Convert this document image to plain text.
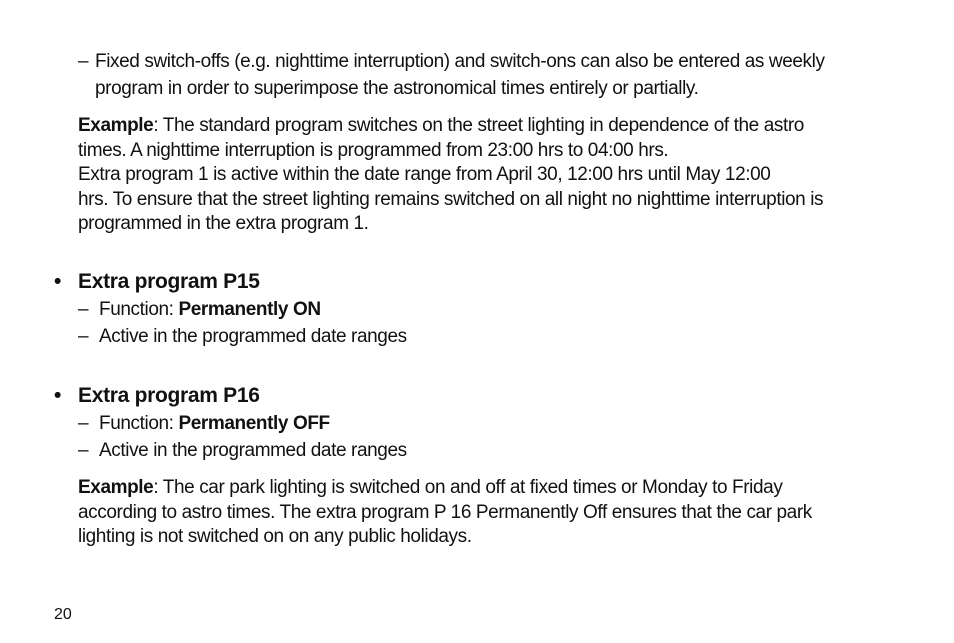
– Fixed switch-offs (e.g. nighttime interruption) and switch-ons can also be entered as weekly
program in order to superimpose the astronomical times entirely or partially.
Example: The standard program switches on the street lighting in dependence of the astro
times. A nighttime interruption is programmed from 23:00 hrs to 04:00 hrs.
Extra program 1 is active within the date range from April 30, 12:00 hrs until May 12:00
hrs. To ensure that the street lighting remains switched on all night no nighttime interruption is
programmed in the extra program 1.
• Extra program P15
– Function: Permanently ON
– Active in the programmed date ranges
• Extra program P16
– Function: Permanently OFF
– Active in the programmed date ranges
Example: The car park lighting is switched on and off at fixed times or Monday to Friday
according to astro times. The extra program P 16 Permanently Off ensures that the car park
lighting is not switched on on any public holidays.
20
